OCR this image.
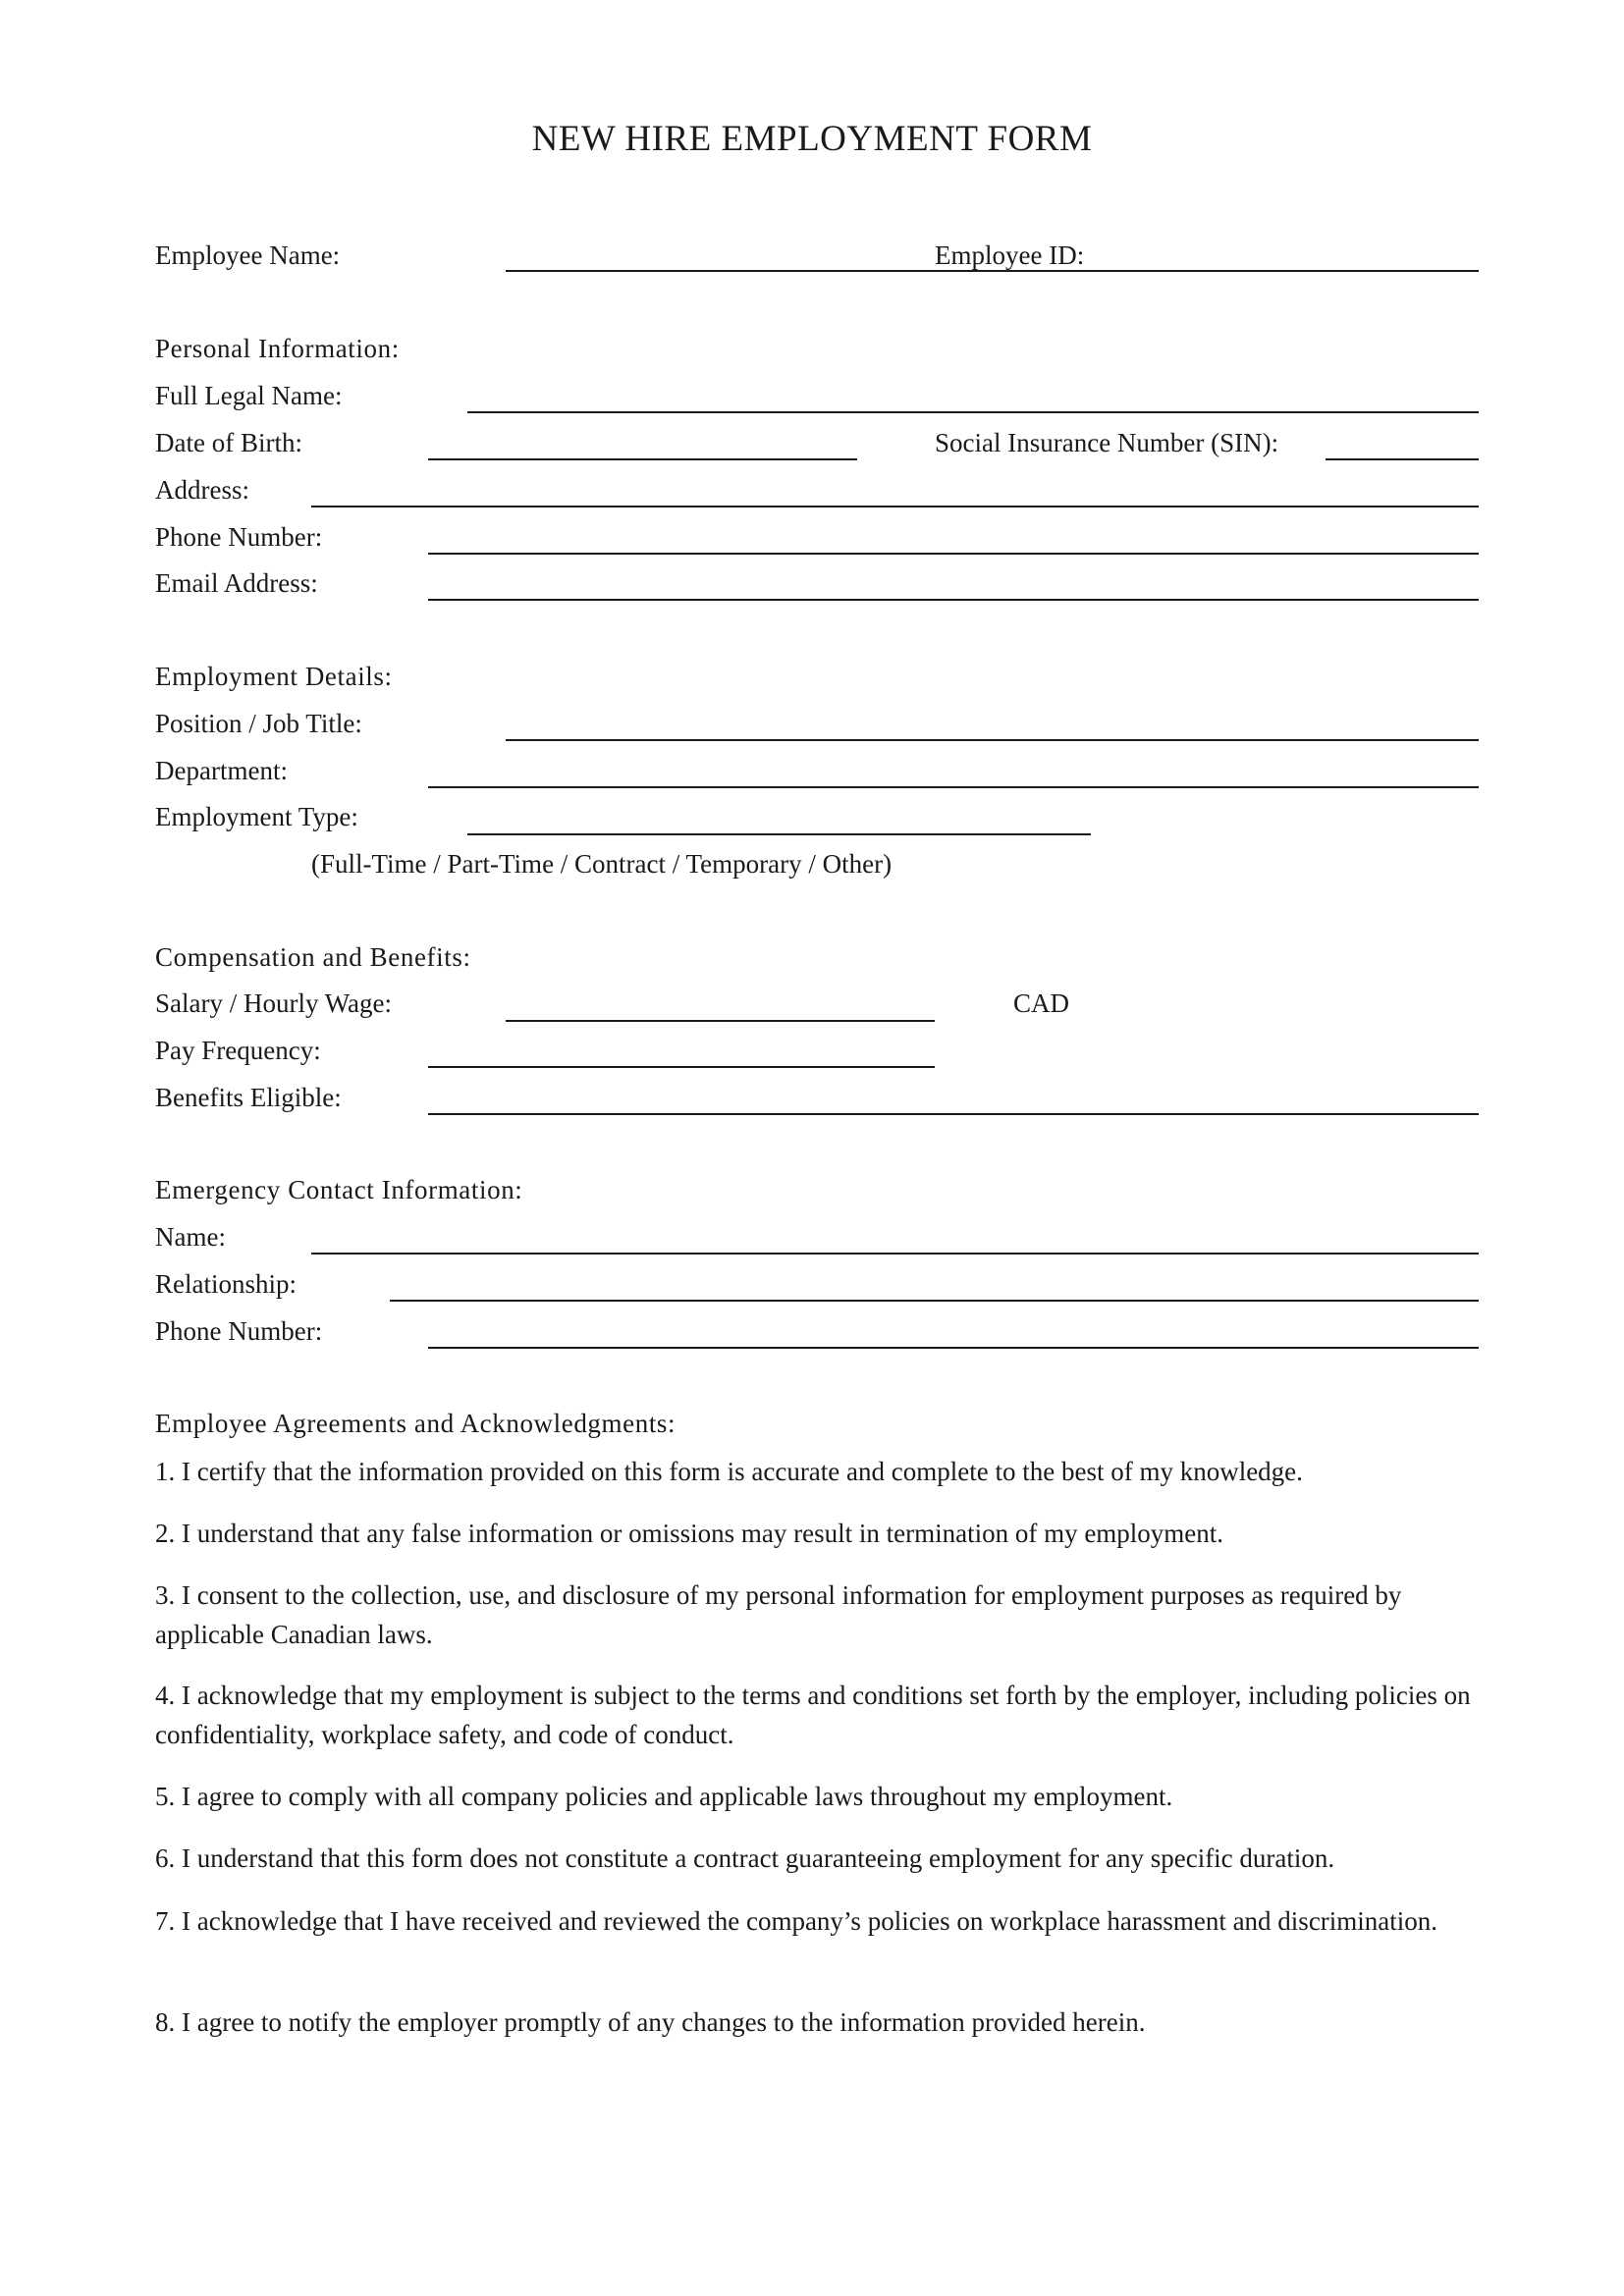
NEW HIRE EMPLOYMENT FORM
Employee Name:	Employee ID:
Personal Information:
Full Legal Name:
Date of Birth:	Social Insurance Number (SIN):
Address:
Phone Number:
Email Address:
Employment Details:
Position / Job Title:
Department:
Employment Type:
(Full-Time / Part-Time / Contract / Temporary / Other)
Compensation and Benefits:
Salary / Hourly Wage:	CAD
Pay Frequency:
Benefits Eligible:
Emergency Contact Information:
Name:
Relationship:
Phone Number:
Employee Agreements and Acknowledgments:
1. I certify that the information provided on this form is accurate and complete to the best of my knowledge.
2. I understand that any false information or omissions may result in termination of my employment.
3. I consent to the collection, use, and disclosure of my personal information for employment purposes as required by applicable Canadian laws.
4. I acknowledge that my employment is subject to the terms and conditions set forth by the employer, including policies on confidentiality, workplace safety, and code of conduct.
5. I agree to comply with all company policies and applicable laws throughout my employment.
6. I understand that this form does not constitute a contract guaranteeing employment for any specific duration.
7. I acknowledge that I have received and reviewed the company’s policies on workplace harassment and discrimination.
8. I agree to notify the employer promptly of any changes to the information provided herein.
